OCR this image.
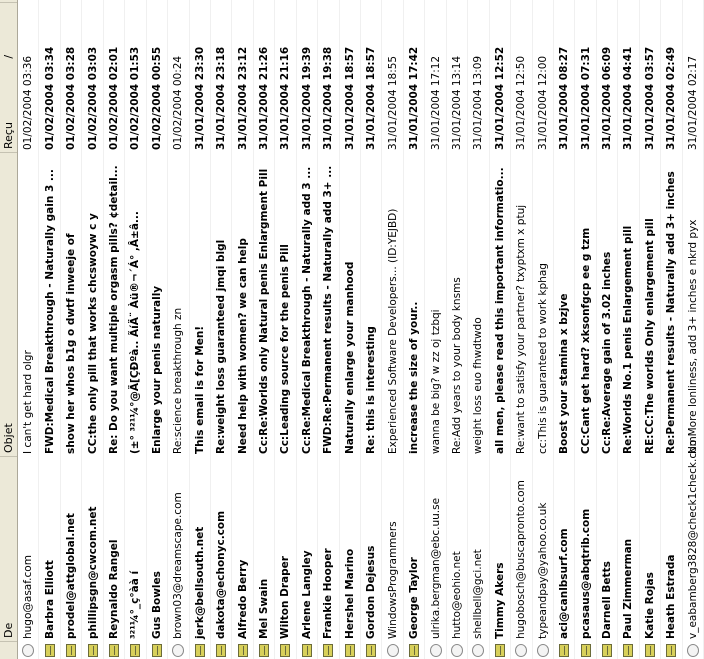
De
Objet
Reçu /
hugo@asaf.com
I can't get hard olgr
01/02/2004 03:36
Barbra Elliott
FWD:Medical Breakthrough - Naturally gain 3 ...
01/02/2004 03:34
prodel@attglobal.net
show her whos b1g o dwtf inweeje of
01/02/2004 03:28
phillipsgn@cwcom.net
CC:the only pill that works chcswoyw c y
01/02/2004 03:03
Reynaldo Rangel
Re: Do you want multiple orgasm pills? ¢detail...
01/02/2004 02:01
³²¹¼°_ç°àà í
(±° ³²¹¼°@Ä[ÇÐºà.. ÃíÄ¨ Àü®¬´Á° ,Â±â...
01/02/2004 01:53
Gus Bowles
Enlarge your penis naturally
01/02/2004 00:55
brown03@dreamscape.com
Re:science breakthrough zn
01/02/2004 00:24
jerk@bellsouth.net
This email is for Men!
31/01/2004 23:30
dakota@echonyc.com
Re:weight loss guaranteed jmqi blgl
31/01/2004 23:18
Alfredo Berry
Need help with women? we can help
31/01/2004 23:12
Mel Swain
Cc:Re:Worlds only Natural penis Enlargment Pill
31/01/2004 21:26
Wilton Draper
Cc:Leading source for the penis Pill
31/01/2004 21:16
Arlene Langley
Cc:Re:Medical Breakthrough - Naturally add 3 ...
31/01/2004 19:39
Frankie Hooper
FWD:Re:Permanent results - Naturally add 3+ ...
31/01/2004 19:38
Hershel Marino
Naturally enlarge your manhood
31/01/2004 18:57
Gordon Dejesus
Re: this is interesting
31/01/2004 18:57
WindowsProgrammers
Experienced Software Developers... (ID:YEJBD)
31/01/2004 18:55
George Taylor
increase the size of your..
31/01/2004 17:42
ulrika.bergman@ebc.uu.se
wanna be big? w zz oj tzbqi
31/01/2004 17:12
hutto@eohio.net
Re:Add years to your body knsms
31/01/2004 13:14
shellbell@gci.net
weight loss euo fhwdtwdo
31/01/2004 13:09
Timmy Akers
all men, please read this important informatio...
31/01/2004 12:52
hugobosch@buscapronto.com
Re:want to satisfy your partner? txyptxm x ptuj
31/01/2004 12:50
typeandpay@yahoo.co.uk
cc:This is guaranteed to work kphag
31/01/2004 12:00
aci@canlbsurf.com
Boost your stamina x bzjve
31/01/2004 08:27
pcasaus@abqtrib.com
CC:Cant get hard? xksonfgcp ee g tzm
31/01/2004 07:31
Darnell Betts
Cc:Re:Average gain of 3.02 inches
31/01/2004 06:09
Paul Zimmerman
Re:Worlds No.1 penis Enlargement pill
31/01/2004 04:41
Katie Rojas
RE:CC:The worlds Only enlargement pill
31/01/2004 03:57
Heath Estrada
Re:Permanent results - Naturally add 3+ inches
31/01/2004 02:49
v_eabamberg3828@check1check.com
No More lonliness, add 3+ inches e nkrd pyx
31/01/2004 02:17
